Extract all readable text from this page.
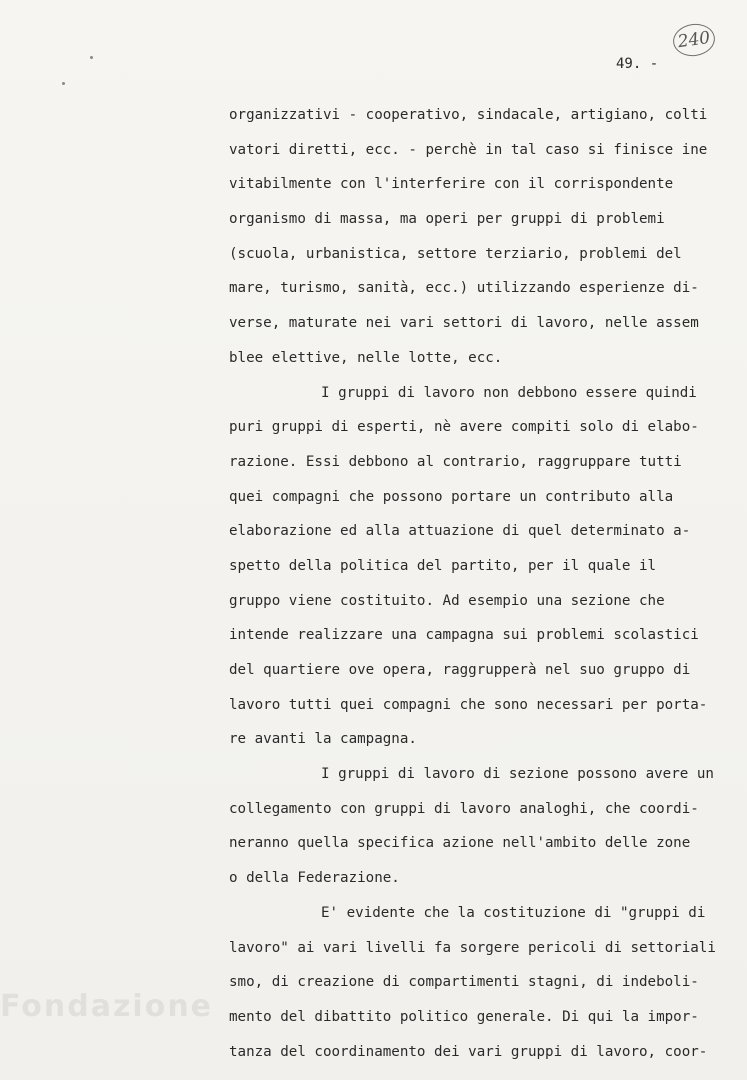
240

49. -

organizzativi - cooperativo, sindacale, artigiano, colti

vatori diretti, ecc. - perchè in tal caso si finisce ine

vitabilmente con l'interferire con il corrispondente

organismo di massa, ma operi per gruppi di problemi

(scuola, urbanistica, settore terziario, problemi del

mare, turismo, sanità, ecc.) utilizzando esperienze di-

verse, maturate nei vari settori di lavoro, nelle assem

blee elettive, nelle lotte, ecc.

I gruppi di lavoro non debbono essere quindi

puri gruppi di esperti, nè avere compiti solo di elabo-

razione. Essi debbono al contrario, raggruppare tutti

quei compagni che possono portare un contributo alla

elaborazione ed alla attuazione di quel determinato a-

spetto della politica del partito, per il quale il

gruppo viene costituito. Ad esempio una sezione che

intende realizzare una campagna sui problemi scolastici

del quartiere ove opera, raggrupperà nel suo gruppo di

lavoro tutti quei compagni che sono necessari per porta-

re avanti la campagna.

I gruppi di lavoro di sezione possono avere un

collegamento con gruppi di lavoro analoghi, che coordi-

neranno quella specifica azione nell'ambito delle zone

o della Federazione.

E' evidente che la costituzione di "gruppi di

lavoro" ai vari livelli fa sorgere pericoli di settoriali

smo, di creazione di compartimenti stagni, di indeboli-

mento del dibattito politico generale. Di qui la impor-

tanza del coordinamento dei vari gruppi di lavoro, coor-

Fondazione
